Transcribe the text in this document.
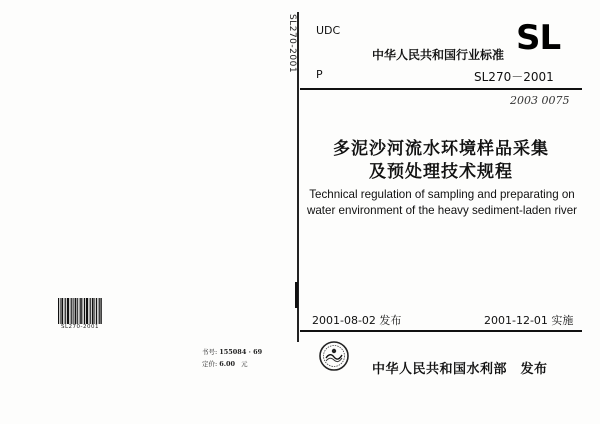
SL270-2001 UDC
中华人民共和国行业标准 SL
P	SL270－2001
2003 0075
多泥沙河流水环境样品采集
及预处理技术规程
Technical regulation of sampling and preparating on
water environment of the heavy sediment-laden river
2001-08-02 发布	2001-12-01 实施
中华人民共和国水利部　发布
SL270-2001
书号: 155084 · 69
定价: 6.00 元
